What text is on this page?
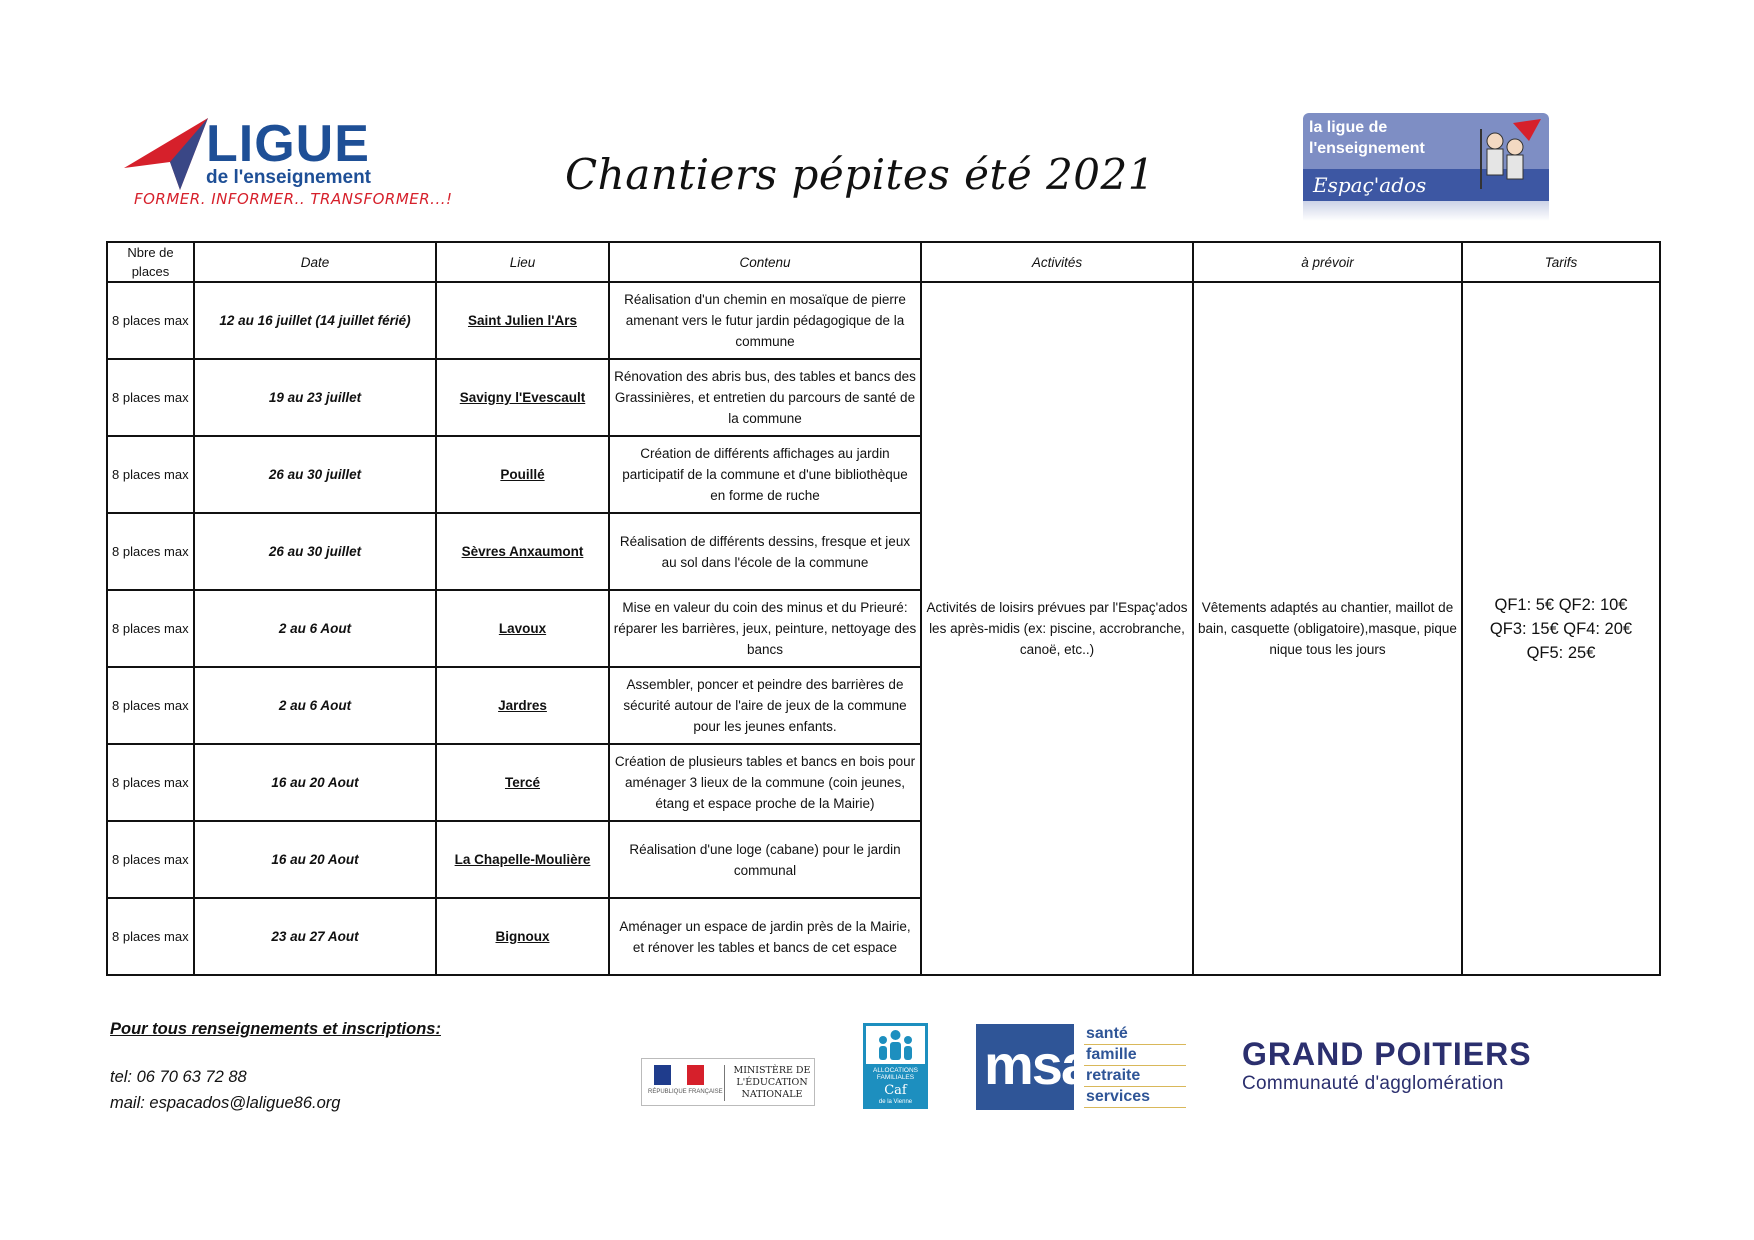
LIGUE
de l'enseignement
FORMER. INFORMER.. TRANSFORMER...!	Chantiers pépites été 2021
la ligue de
l'enseignement
Espaç'ados
Nbre de places	Date	Lieu	Contenu	Activités	à prévoir	Tarifs
8 places max	12 au 16 juillet (14 juillet férié)	Saint Julien l'Ars	Réalisation d'un chemin en mosaïque de pierre amenant vers le futur jardin pédagogique de la commune	Activités de loisirs prévues par l'Espaç'ados les après-midis (ex: piscine, accrobranche, canoë, etc..)	Vêtements adaptés au chantier, maillot de bain, casquette (obligatoire),masque, pique nique tous les jours	QF1: 5€ QF2: 10€
QF3: 15€ QF4: 20€
QF5: 25€

8 places max	19 au 23 juillet	Savigny l'Evescault	Rénovation des abris bus, des tables et bancs des Grassinières, et entretien du parcours de santé de la commune			
8 places max	26 au 30 juillet	Pouillé	Création de différents affichages au jardin participatif de la commune et d'une bibliothèque en forme de ruche			
8 places max	26 au 30 juillet	Sèvres Anxaumont	Réalisation de différents dessins, fresque et jeux au sol dans l'école de la commune			
8 places max	2 au 6 Aout	Lavoux	Mise en valeur du coin des minus et du Prieuré: réparer les barrières, jeux, peinture, nettoyage des bancs			
8 places max	2 au 6 Aout	Jardres	Assembler, poncer et peindre des barrières de sécurité autour de l'aire de jeux de la commune pour les jeunes enfants.			
8 places max	16 au 20 Aout	Tercé	Création de plusieurs tables et bancs en bois pour aménager 3 lieux de la commune (coin jeunes, étang et espace proche de la Mairie)			
8 places max	16 au 20 Aout	La Chapelle-Moulière	Réalisation d'une loge (cabane) pour le jardin communal			
8 places max	23 au 27 Aout	Bignoux	Aménager un espace de jardin près de la Mairie, et rénover les tables et bancs de cet espace			
Pour tous renseignements et inscriptions:
tel: 06 70 63 72 88
mail: espacados@laligue86.org
RÉPUBLIQUE FRANÇAISE
MINISTÈRE DE L'ÉDUCATION NATIONALE
ALLOCATIONS FAMILIALES
Caf
de la Vienne
msa
santé
famille
retraite
services
GRAND POITIERS
Communauté d'agglomération
